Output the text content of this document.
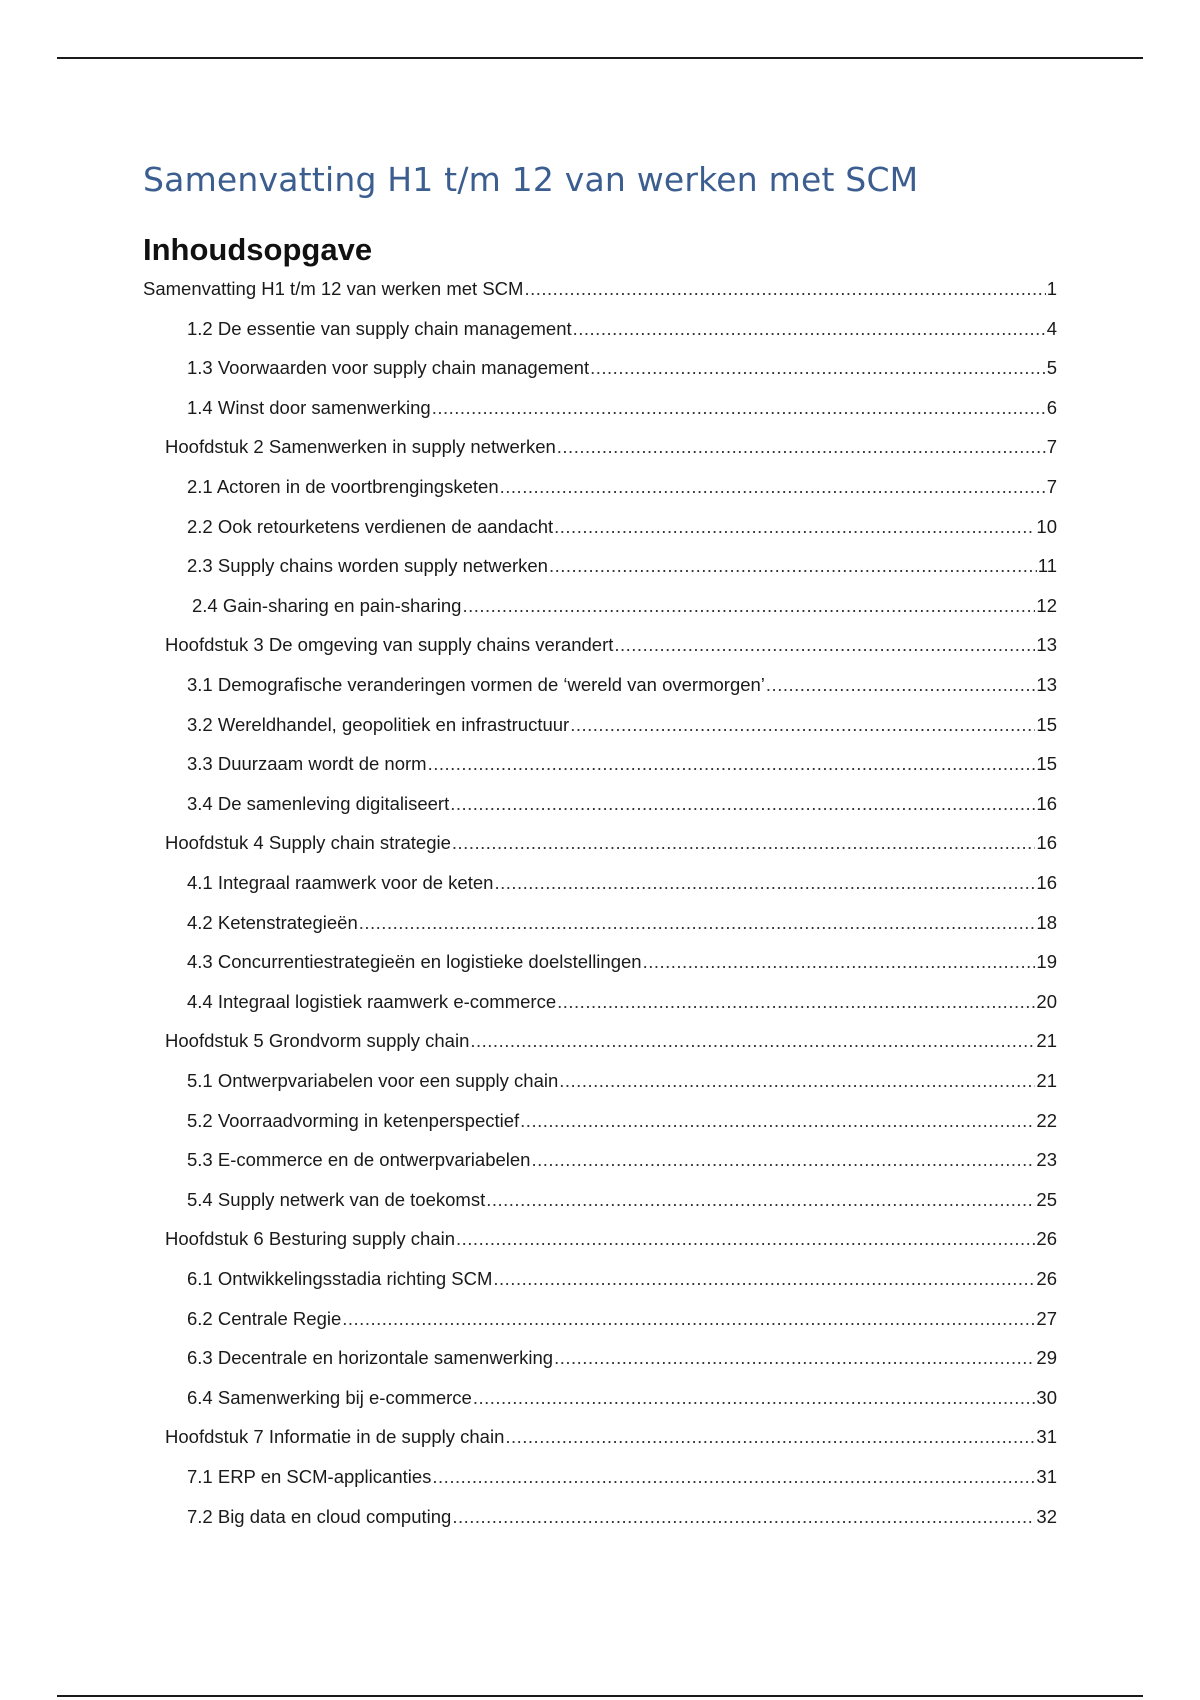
Samenvatting H1 t/m 12 van werken met SCM
Inhoudsopgave
Samenvatting H1 t/m 12 van werken met SCM .....	1
1.2 De essentie van supply chain management .....	4
1.3 Voorwaarden voor supply chain management .....	5
1.4 Winst door samenwerking .....	6
Hoofdstuk 2 Samenwerken in supply netwerken .....	7
2.1 Actoren in de voortbrengingsketen .....	7
2.2 Ook retourketens verdienen de aandacht .....	10
2.3 Supply chains worden supply netwerken .....	11
2.4 Gain-sharing en pain-sharing .....	12
Hoofdstuk 3 De omgeving van supply chains verandert .....	13
3.1 Demografische veranderingen vormen de ‘wereld van overmorgen’ .....	13
3.2 Wereldhandel, geopolitiek en infrastructuur .....	15
3.3 Duurzaam wordt de norm .....	15
3.4 De samenleving digitaliseert .....	16
Hoofdstuk 4 Supply chain strategie .....	16
4.1 Integraal raamwerk voor de keten .....	16
4.2 Ketenstrategieën .....	18
4.3 Concurrentiestrategieën en logistieke doelstellingen .....	19
4.4 Integraal logistiek raamwerk e-commerce .....	20
Hoofdstuk 5 Grondvorm supply chain .....	21
5.1 Ontwerpvariabelen voor een supply chain .....	21
5.2 Voorraadvorming in ketenperspectief .....	22
5.3 E-commerce en de ontwerpvariabelen .....	23
5.4 Supply netwerk van de toekomst .....	25
Hoofdstuk 6 Besturing supply chain .....	26
6.1 Ontwikkelingsstadia richting SCM .....	26
6.2 Centrale Regie .....	27
6.3 Decentrale en horizontale samenwerking .....	29
6.4 Samenwerking bij e-commerce .....	30
Hoofdstuk 7 Informatie in de supply chain .....	31
7.1 ERP en SCM-applicanties .....	31
7.2 Big data en cloud computing .....	32
